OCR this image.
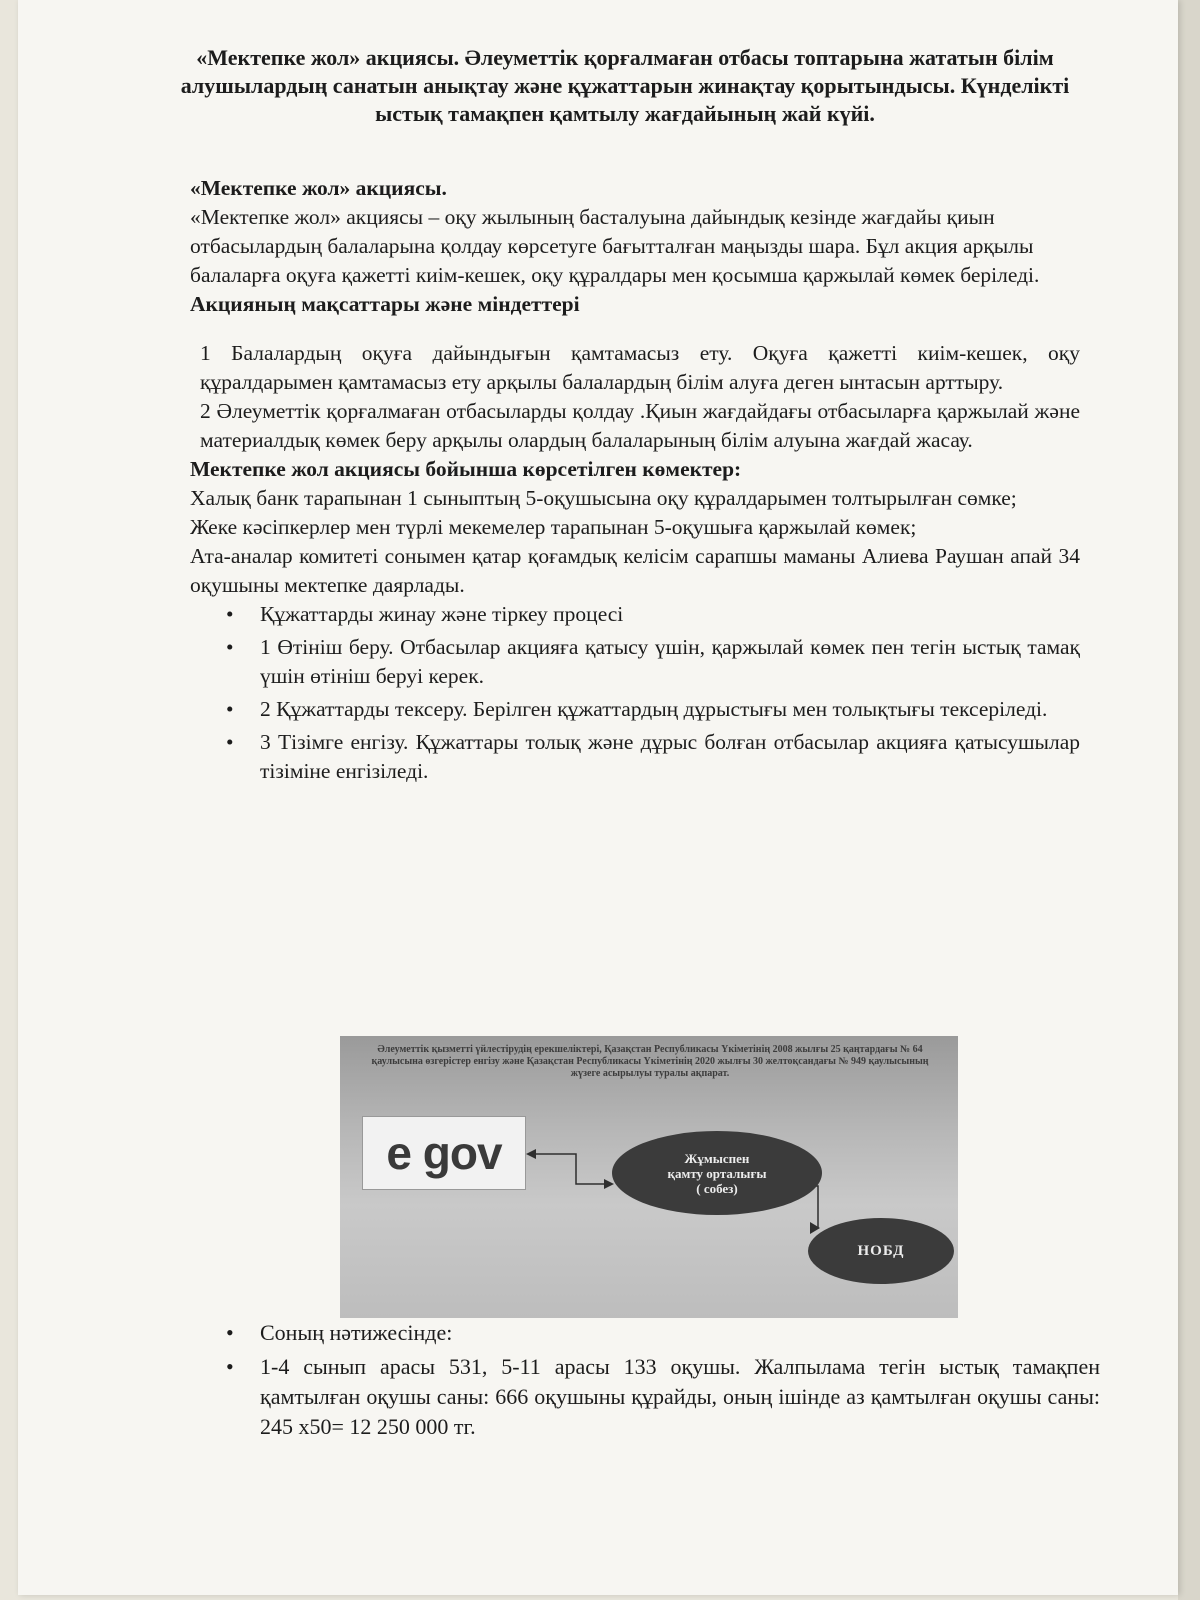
«Мектепке жол» акциясы. Әлеуметтік қорғалмаған отбасы топтарына жататын білім алушылардың санатын анықтау және құжаттарын жинақтау қорытындысы. Күнделікті ыстық тамақпен қамтылу жағдайының жай күйі.

«Мектепке жол» акциясы.

«Мектепке жол» акциясы – оқу жылының басталуына дайындық кезінде жағдайы қиын отбасылардың балаларына қолдау көрсетуге бағытталған маңызды шара. Бұл акция арқылы балаларға оқуға қажетті киім-кешек, оқу құралдары мен қосымша қаржылай көмек беріледі.

Акцияның мақсаттары және міндеттері

1 Балалардың оқуға дайындығын қамтамасыз ету. Оқуға қажетті киім-кешек, оқу құралдарымен қамтамасыз ету арқылы балалардың білім алуға деген ынтасын арттыру.

2 Әлеуметтік қорғалмаған отбасыларды қолдау .Қиын жағдайдағы отбасыларға қаржылай және материалдық көмек беру арқылы олардың балаларының білім алуына жағдай жасау.

Мектепке жол акциясы бойынша көрсетілген көмектер:

Халық банк тарапынан 1 сыныптың 5-оқушысына оқу құралдарымен толтырылған сөмке;

Жеке кәсіпкерлер мен түрлі мекемелер тарапынан 5-оқушыға қаржылай көмек;

Ата-аналар комитеті сонымен қатар қоғамдық келісім сарапшы маманы Алиева Раушан апай 34 оқушыны мектепке даярлады.

• Құжаттарды жинау және тіркеу процесі
• 1 Өтініш беру. Отбасылар акцияға қатысу үшін, қаржылай көмек пен тегін ыстық тамақ үшін өтініш беруі керек.
• 2 Құжаттарды тексеру. Берілген құжаттардың дұрыстығы мен толықтығы тексеріледі.
• 3 Тізімге енгізу. Құжаттары толық және дұрыс болған отбасылар акцияға қатысушылар тізіміне енгізіледі.
Әлеуметтік қызметті үйлестірудің ерекшеліктері, Қазақстан Республикасы Үкіметінің 2008 жылғы 25 қаңтардағы № 64 қаулысына өзгерістер енгізу және Қазақстан Республикасы Үкіметінің 2020 жылғы 30 желтоқсандағы № 949 қаулысының жүзеге асырылуы туралы ақпарат.
e gov	Жұмыспен
қамту орталығы
( собез)
НОБД
• Соның нәтижесінде:
• 1-4 сынып арасы 531, 5-11 арасы 133 оқушы. Жалпылама тегін ыстық тамақпен қамтылған оқушы саны: 666 оқушыны құрайды, оның ішінде аз қамтылған оқушы саны: 245 х50= 12 250 000 тг.
